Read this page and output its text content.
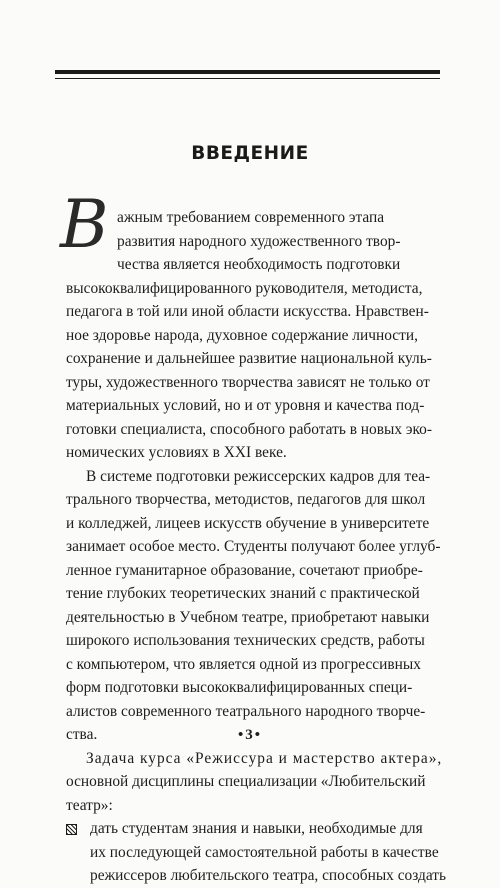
ВВЕДЕНИЕ
В ажным требованием современного этапа
развития народного художественного твор-
чества является необходимость подготовки
высококвалифицированного руководителя, методиста,
педагога в той или иной области искусства. Нравствен-
ное здоровье народа, духовное содержание личности,
сохранение и дальнейшее развитие национальной куль-
туры, художественного творчества зависят не только от
материальных условий, но и от уровня и качества под-
готовки специалиста, способного работать в новых эко-
номических условиях в XXI веке.
В системе подготовки режиссерских кадров для теа-
трального творчества, методистов, педагогов для школ
и колледжей, лицеев искусств обучение в университете
занимает особое место. Студенты получают более углуб-
ленное гуманитарное образование, сочетают приобре-
тение глубоких теоретических знаний с практической
деятельностью в Учебном театре, приобретают навыки
широкого использования технических средств, работы
с компьютером, что является одной из прогрессивных
форм подготовки высококвалифицированных специ-
алистов современного театрального народного творче-
ства.
Задача курса «Режиссура и мастерство актера»,
основной дисциплины специализации «Любительский
театр»:
дать студентам знания и навыки, необходимые для
их последующей самостоятельной работы в качестве
режиссеров любительского театра, способных создать
•3•
